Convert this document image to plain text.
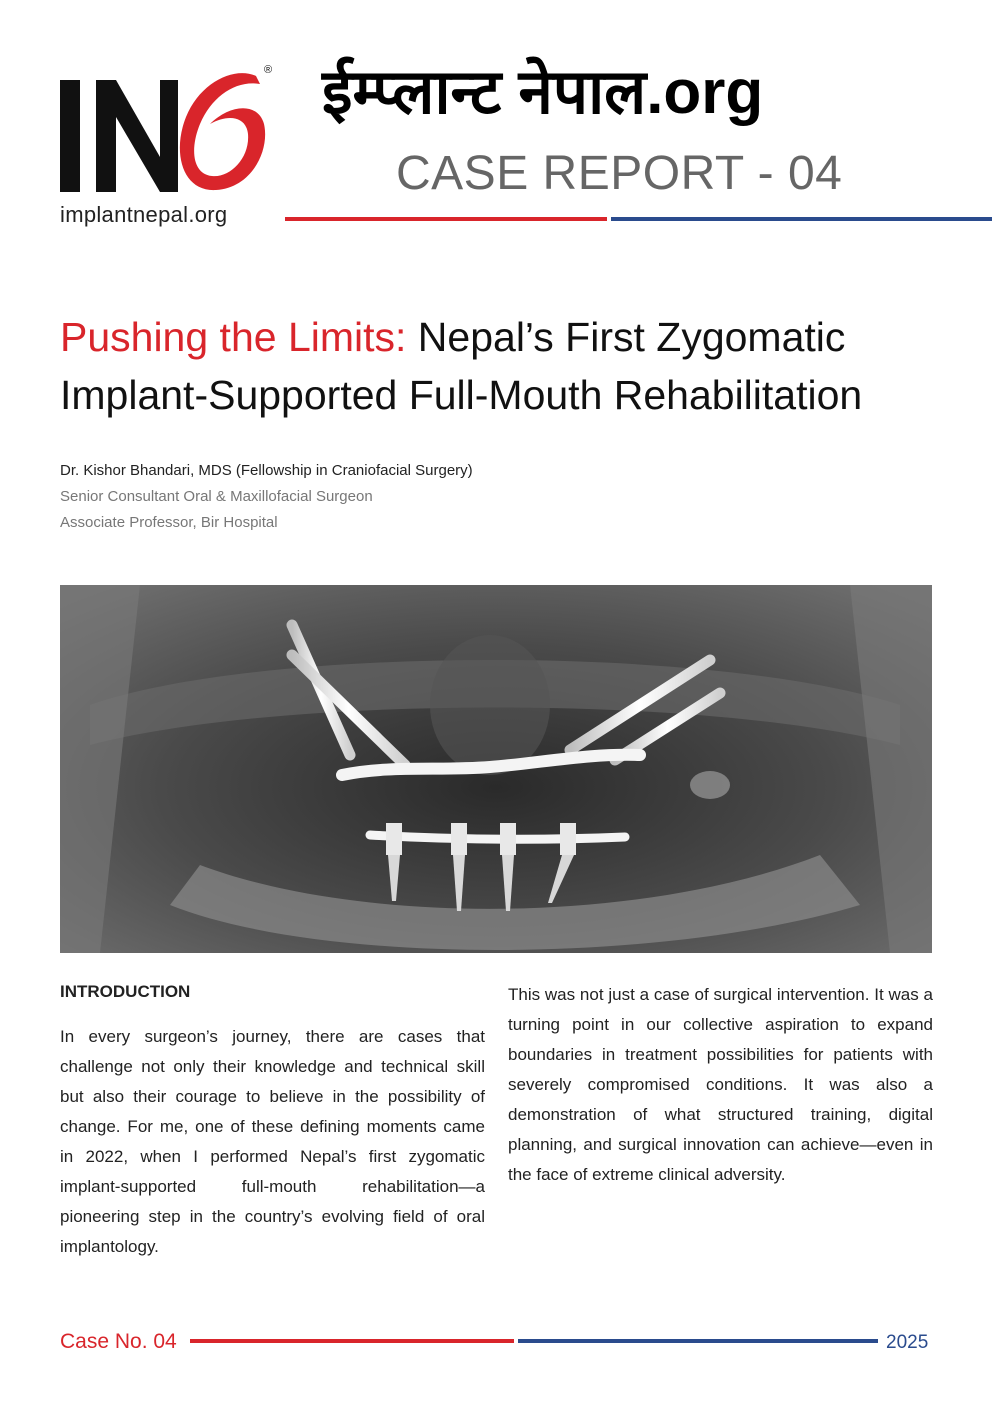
®
implantnepal.org
ईम्प्लान्ट नेपाल.org
CASE REPORT - 04
Pushing the Limits: Nepal’s First Zygomatic
Implant-Supported Full-Mouth Rehabilitation
Dr. Kishor Bhandari, MDS (Fellowship in Craniofacial Surgery)
Senior Consultant Oral & Maxillofacial Surgeon
Associate Professor, Bir Hospital
INTRODUCTION

In every surgeon’s journey, there are cases that challenge not only their knowledge and technical skill but also their courage to believe in the possibility of change. For me, one of these defining moments came in 2022, when I performed Nepal’s first zygomatic implant-supported full-mouth rehabilitation—a pioneering step in the country’s evolving field of oral implantology.

This was not just a case of surgical intervention. It was a turning point in our collective aspiration to expand boundaries in treatment possibilities for patients with severely compromised conditions. It was also a demonstration of what structured training, digital planning, and surgical innovation can achieve—even in the face of extreme clinical adversity.

Case No. 04	2025
